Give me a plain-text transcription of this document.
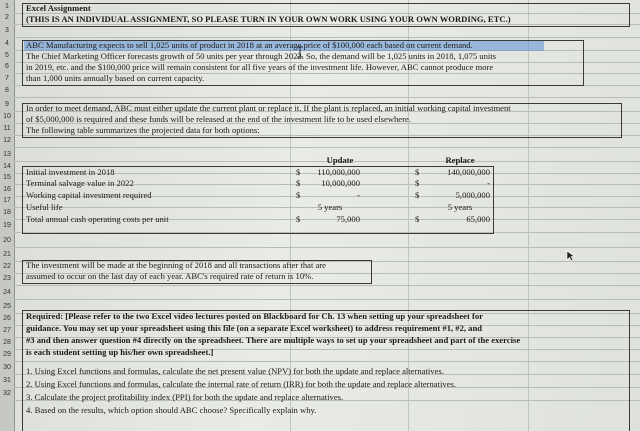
1
2
3
4
5
6
7
8
9
10
11
12
13
14
15
16
17
18
19
20
21
22
23
24
25
26
27
28
29
30
31
32
Excel Assignment
(THIS IS AN INDIVIDUAL ASSIGNMENT, SO PLEASE TURN IN YOUR OWN WORK USING YOUR OWN WORDING, ETC.)
ABC Manufacturing expects to sell 1,025 units of product in 2018 at an average price of $100,000 each based on current demand.
The Chief Marketing Officer forecasts growth of 50 units per year through 2022. So, the demand will be 1,025 units in 2018, 1,075 units
in 2019, etc. and the $100,000 price will remain consistent for all five years of the investment life. However, ABC cannot produce more
than 1,000 units annually based on current capacity.
In order to meet demand, ABC must either update the current plant or replace it. If the plant is replaced, an initial working capital investment
of $5,000,000 is required and these funds will be released at the end of the investment life to be used elsewhere.
The following table summarizes the projected data for both options:
Update	Replace
Initial investment in 2018	$	110,000,000	$	140,000,000
Terminal salvage value in 2022	$	10,000,000	$	-
Working capital investment required	$	-	$	5,000,000
Useful life	5 years	5 years
Total annual cash operating costs per unit	$	75,000	$	65,000
The investment will be made at the beginning of 2018 and all transactions after that are
assumed to occur on the last day of each year. ABC's required rate of return is 10%.
Required: [Please refer to the two Excel video lectures posted on Blackboard for Ch. 13 when setting up your spreadsheet for
guidance. You may set up your spreadsheet using this file (on a separate Excel worksheet) to address requirement #1, #2, and
#3 and then answer question #4 directly on the spreadsheet. There are multiple ways to set up your spreadsheet and part of the exercise
is each student setting up his/her own spreadsheet.]
1. Using Excel functions and formulas, calculate the net present value (NPV) for both the update and replace alternatives.
2. Using Excel functions and formulas, calculate the internal rate of return (IRR) for both the update and replace alternatives.
3. Calculate the project profitability index (PPI) for both the update and replace alternatives.
4. Based on the results, which option should ABC choose? Specifically explain why.
